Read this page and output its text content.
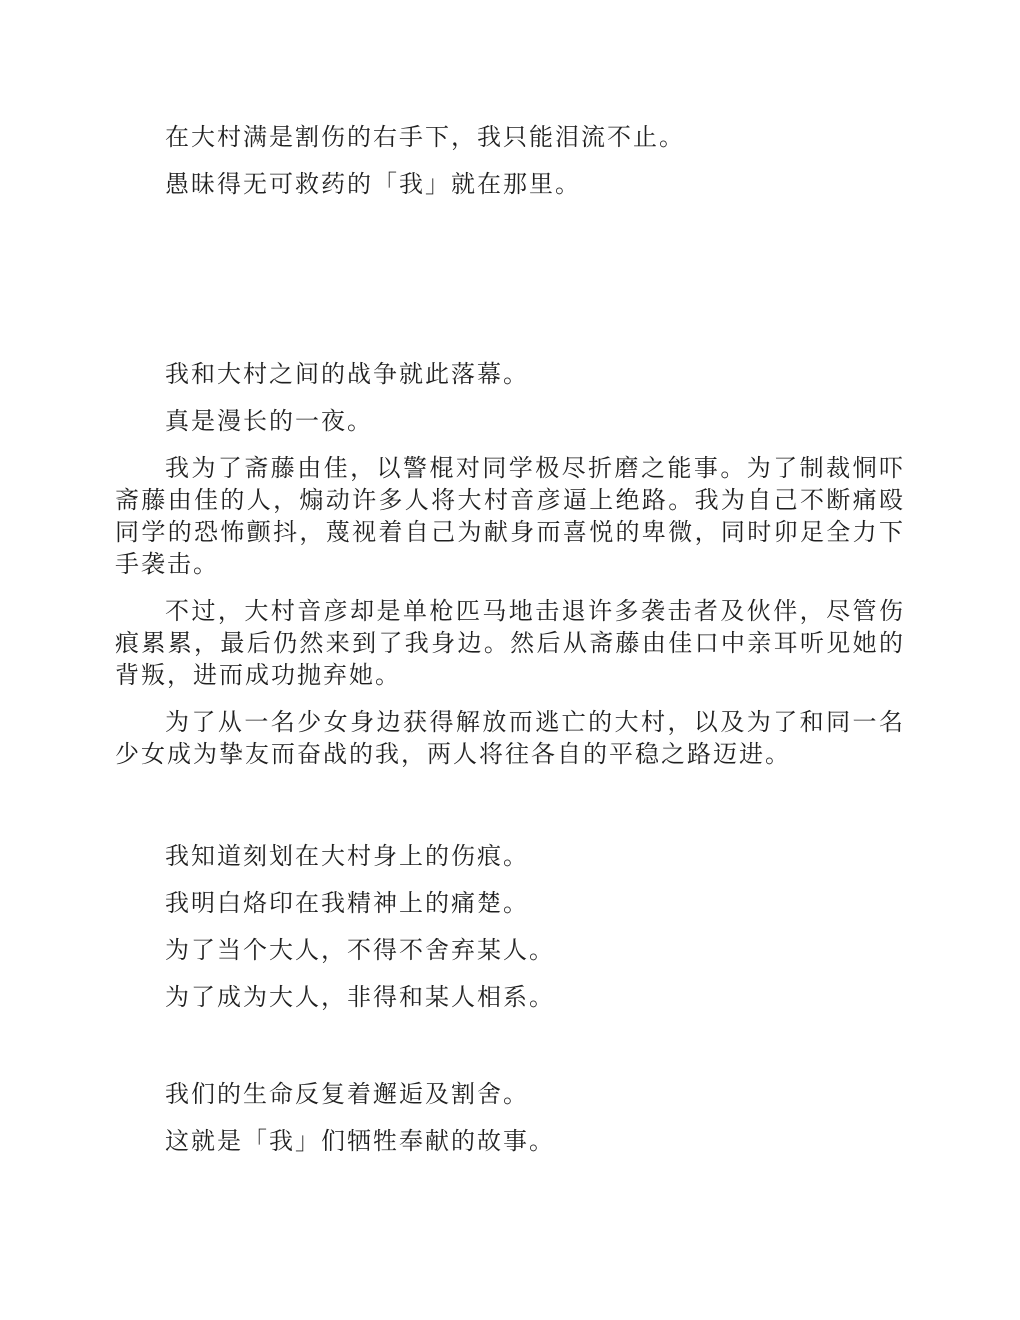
在大村满是割伤的右手下，我只能泪流不止。

愚昧得无可救药的「我」就在那里。

我和大村之间的战争就此落幕。

真是漫长的一夜。

我为了斋藤由佳，以警棍对同学极尽折磨之能事。为了制裁恫吓斋藤由佳的人，煽动许多人将大村音彦逼上绝路。我为自己不断痛殴同学的恐怖颤抖，蔑视着自己为献身而喜悦的卑微，同时卯足全力下手袭击。

不过，大村音彦却是单枪匹马地击退许多袭击者及伙伴，尽管伤痕累累，最后仍然来到了我身边。然后从斋藤由佳口中亲耳听见她的背叛，进而成功抛弃她。

为了从一名少女身边获得解放而逃亡的大村，以及为了和同一名少女成为挚友而奋战的我，两人将往各自的平稳之路迈进。

我知道刻划在大村身上的伤痕。

我明白烙印在我精神上的痛楚。

为了当个大人，不得不舍弃某人。

为了成为大人，非得和某人相系。

我们的生命反复着邂逅及割舍。

这就是「我」们牺牲奉献的故事。
